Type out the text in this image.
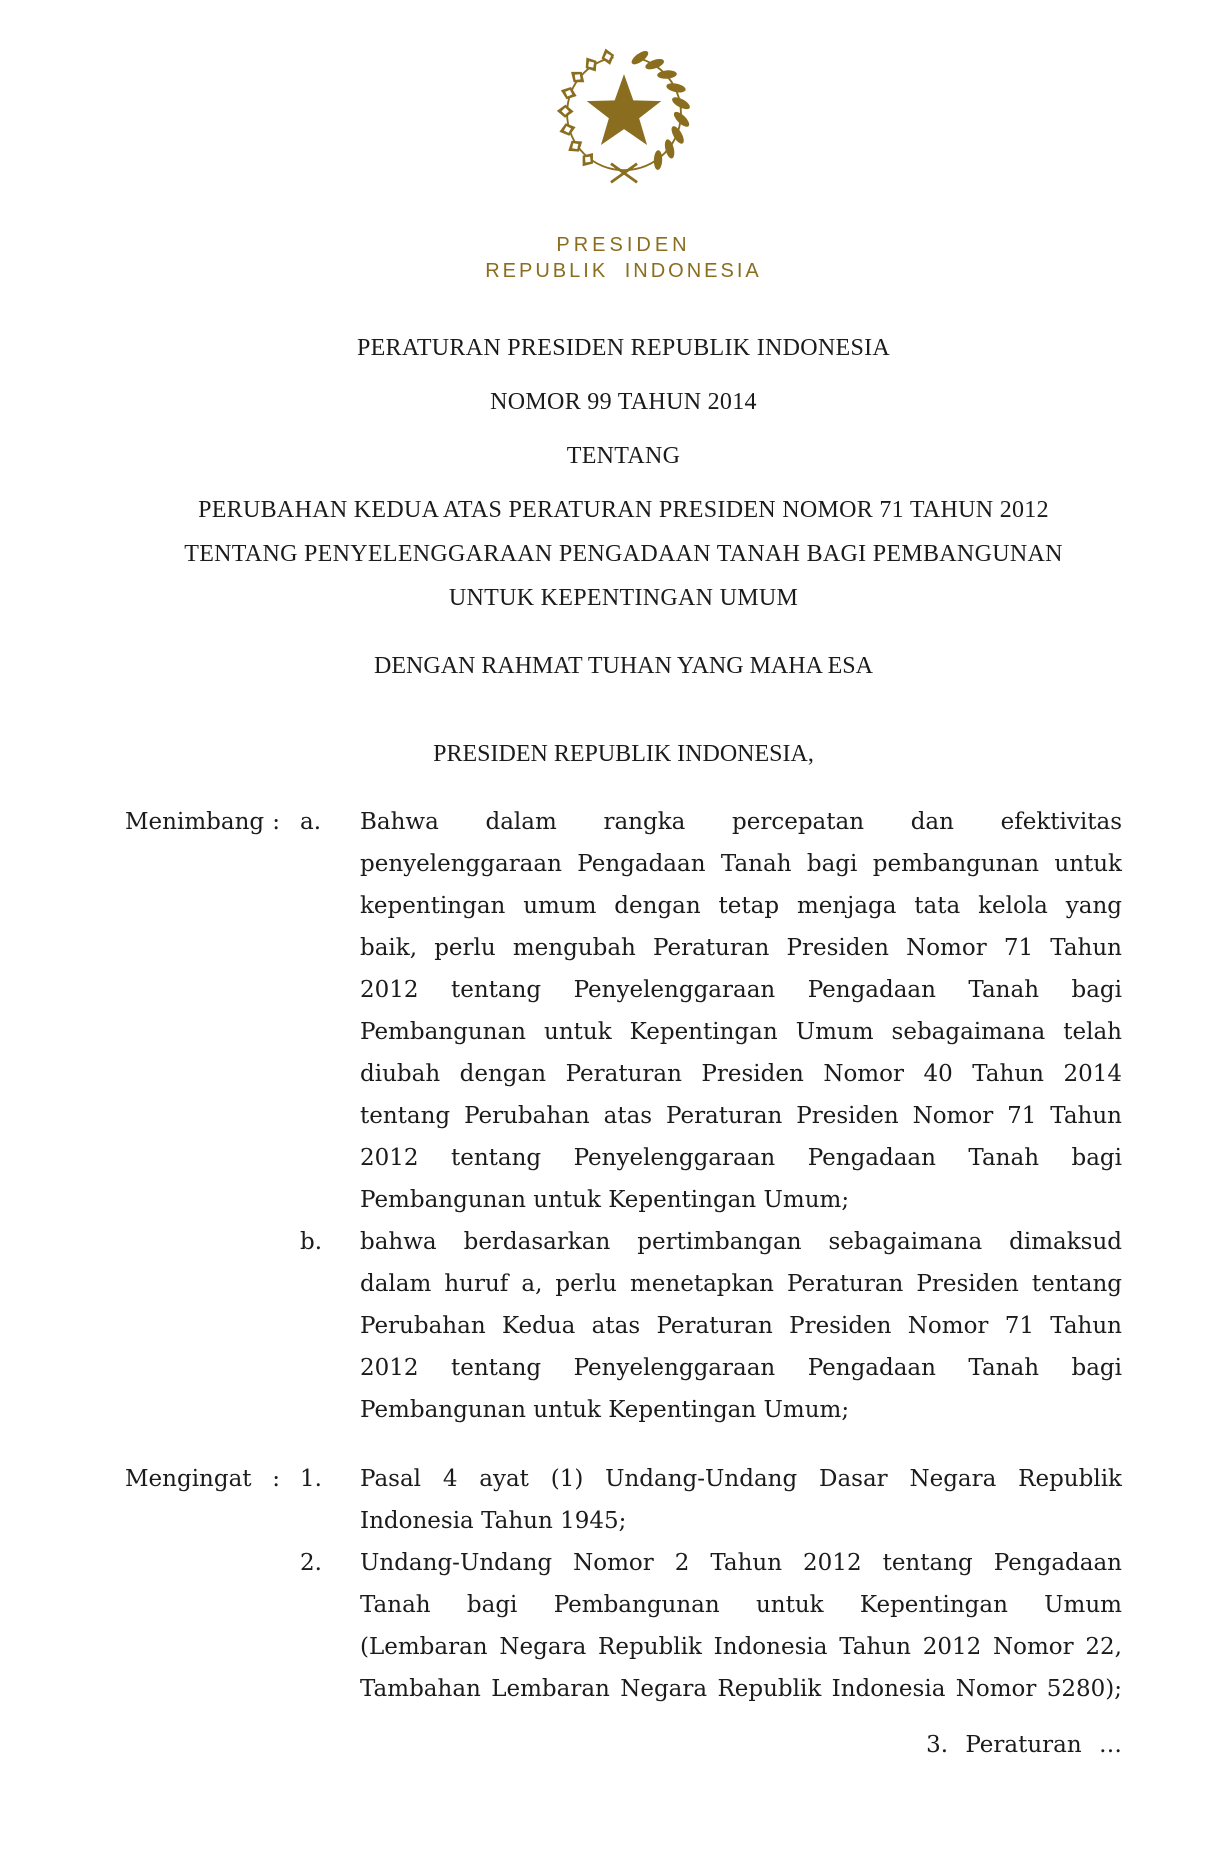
PRESIDEN
REPUBLIK INDONESIA
PERATURAN PRESIDEN REPUBLIK INDONESIA
NOMOR 99 TAHUN 2014
TENTANG
PERUBAHAN KEDUA ATAS PERATURAN PRESIDEN NOMOR 71 TAHUN 2012
TENTANG PENYELENGGARAAN PENGADAAN TANAH BAGI PEMBANGUNAN
UNTUK KEPENTINGAN UMUM
DENGAN RAHMAT TUHAN YANG MAHA ESA
PRESIDEN REPUBLIK INDONESIA,
Menimbang : a.	Bahwa dalam rangka percepatan dan efektivitas
penyelenggaraan Pengadaan Tanah bagi pembangunan untuk
kepentingan umum dengan tetap menjaga tata kelola yang
baik, perlu mengubah Peraturan Presiden Nomor 71 Tahun
2012 tentang Penyelenggaraan Pengadaan Tanah bagi
Pembangunan untuk Kepentingan Umum sebagaimana telah
diubah dengan Peraturan Presiden Nomor 40 Tahun 2014
tentang Perubahan atas Peraturan Presiden Nomor 71 Tahun
2012 tentang Penyelenggaraan Pengadaan Tanah bagi
Pembangunan untuk Kepentingan Umum;
b.	bahwa berdasarkan pertimbangan sebagaimana dimaksud
dalam huruf a, perlu menetapkan Peraturan Presiden tentang
Perubahan Kedua atas Peraturan Presiden Nomor 71 Tahun
2012 tentang Penyelenggaraan Pengadaan Tanah bagi
Pembangunan untuk Kepentingan Umum;
Mengingat : 1.	Pasal 4 ayat (1) Undang-Undang Dasar Negara Republik
Indonesia Tahun 1945;
2.	Undang-Undang Nomor 2 Tahun 2012 tentang Pengadaan
Tanah bagi Pembangunan untuk Kepentingan Umum
(Lembaran Negara Republik Indonesia Tahun 2012 Nomor 22,
Tambahan Lembaran Negara Republik Indonesia Nomor 5280);
3. Peraturan …
